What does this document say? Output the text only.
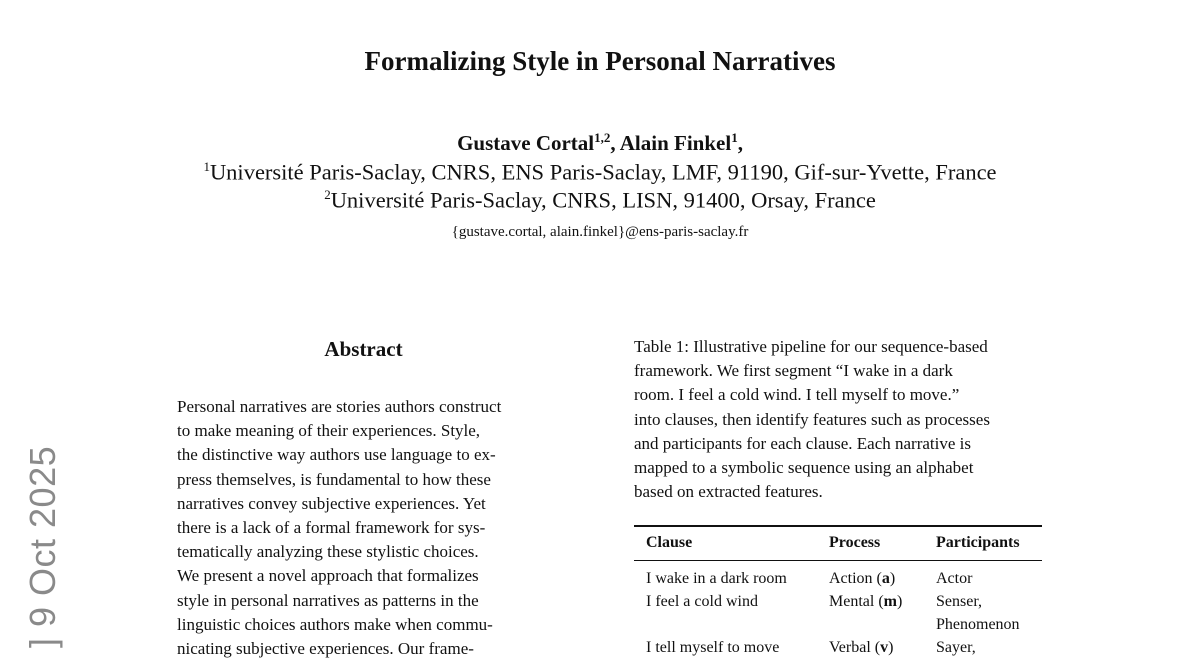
] 9 Oct 2025
Formalizing Style in Personal Narratives
Gustave Cortal$^{1,2}$, Alain Finkel$^1$,
$^1$Université Paris-Saclay, CNRS, ENS Paris-Saclay, LMF, 91190, Gif-sur-Yvette, France
$^2$Université Paris-Saclay, CNRS, LISN, 91400, Orsay, France
{gustave.cortal, alain.finkel}@ens-paris-saclay.fr
Abstract
Personal narratives are stories authors construct
to make meaning of their experiences. Style,
the distinctive way authors use language to ex-
press themselves, is fundamental to how these
narratives convey subjective experiences. Yet
there is a lack of a formal framework for sys-
tematically analyzing these stylistic choices.
We present a novel approach that formalizes
style in personal narratives as patterns in the
linguistic choices authors make when commu-
nicating subjective experiences. Our frame-
Table 1: Illustrative pipeline for our sequence-based
framework. We first segment “I wake in a dark
room. I feel a cold wind. I tell myself to move.”
into clauses, then identify features such as processes
and participants for each clause. Each narrative is
mapped to a symbolic sequence using an alphabet
based on extracted features.
Clause	Process	Participants
I wake in a dark room	Action (a)	Actor
I feel a cold wind	Mental (m) Senser,
Phenomenon
I tell myself to move	Verbal (v)	Sayer,
